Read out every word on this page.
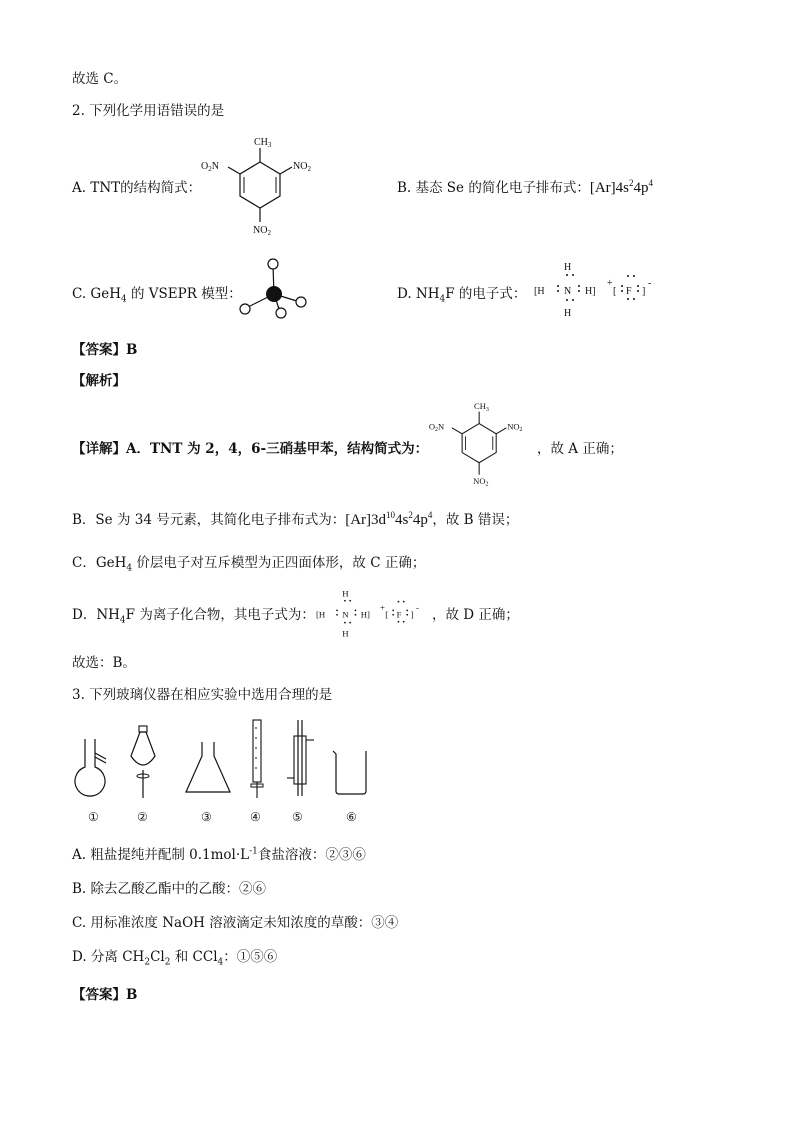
故选 C。
2. 下列化学用语错误的是
A. TNT的结构简式：
$CH_3$
$O_2N$	$NO_2$
$NO_2$
B. 基态 Se 的简化电子排布式：$[Ar]4s^24p^4$
C. GeH$_4$ 的 VSEPR 模型：	D. $NH_4F$ 的电子式：
H
[H N H]
+
[ F ]
-
H
【答案】B
【解析】
【详解】A．TNT 为 2，4，6-三硝基甲苯，结构简式为：
$CH_3$
$O_2N$	$NO_2$
$NO_2$
，故 A 正确；
B．Se 为 34 号元素，其简化电子排布式为：$[Ar]3d^{10}4s^24p^4$，故 B 错误；
C．GeH$_4$ 价层电子对互斥模型为正四面体形，故 C 正确；
D．$NH_4F$ 为离子化合物，其电子式为：
H
[H N H]
+
[ F ]
-
H
，故 D 正确；
故选：B。
3. 下列玻璃仪器在相应实验中选用合理的是
①	②	③	④	⑤	⑥
A. 粗盐提纯并配制 $0.1mol\cdot L^{-1}$食盐溶液：②③⑥
B. 除去乙酸乙酯中的乙酸：②⑥
C. 用标准浓度 NaOH 溶液滴定未知浓度的草酸：③④
D. 分离 $CH_2Cl_2$ 和 CCl$_4$：①⑤⑥
【答案】B
